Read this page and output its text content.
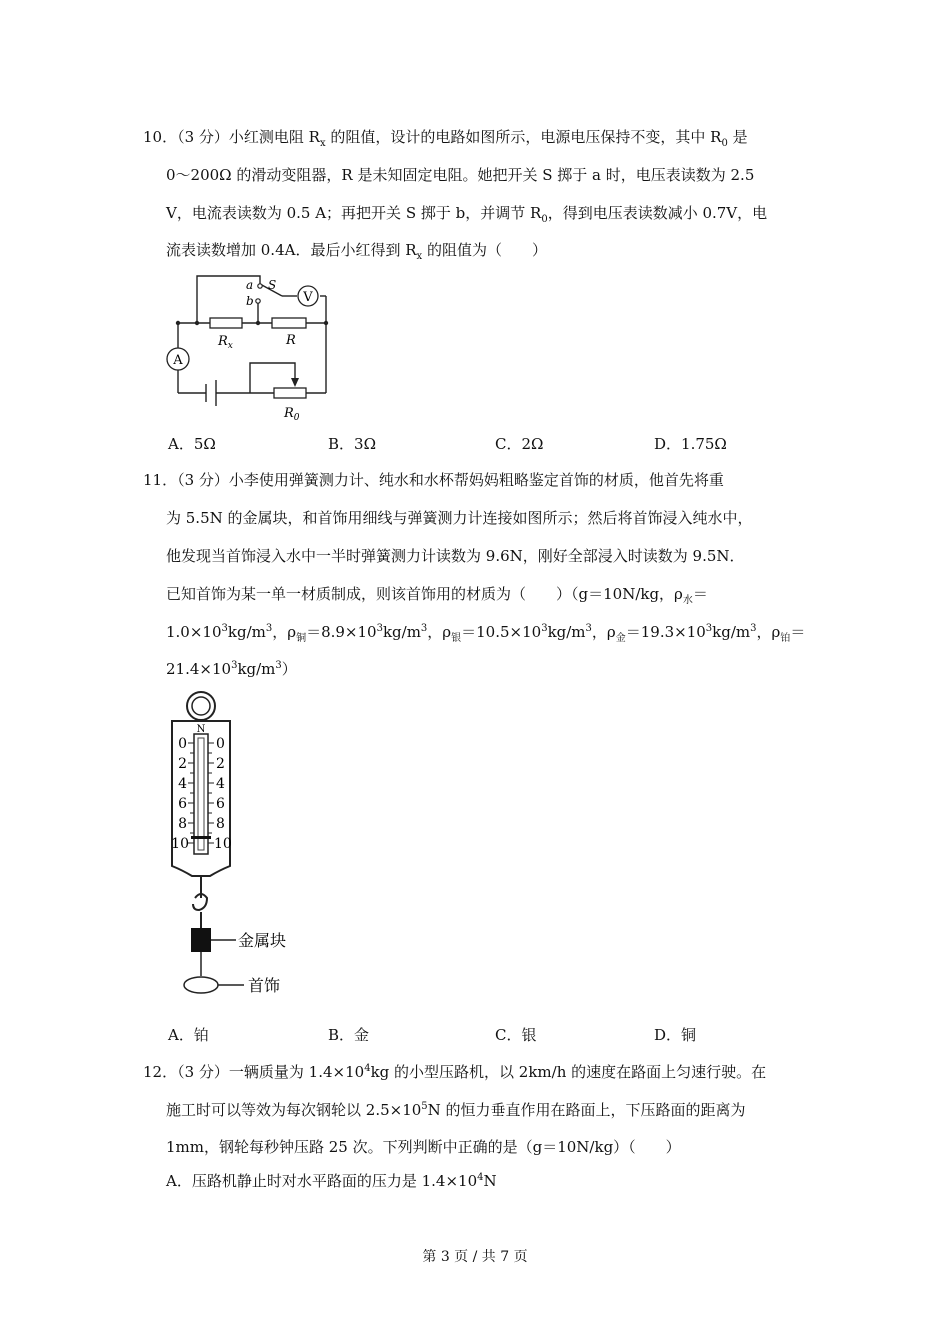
10．（3 分）小红测电阻 $R_x$ 的阻值，设计的电路如图所示，电源电压保持不变，其中 $R_0$ 是
0～200Ω 的滑动变阻器，R 是未知固定电阻。她把开关 S 掷于 a 时，电压表读数为 2.5
V，电流表读数为 0.5 A；再把开关 S 掷于 b，并调节 $R_0$，得到电压表读数减小 0.7V，电
流表读数增加 0.4A．最后小红得到 $R_x$ 的阻值为（　　）
V
A
a S
b
$R_x$	R
$R_0$
A．5Ω	B．3Ω	C．2Ω	D．1.75Ω
11．（3 分）小李使用弹簧测力计、纯水和水杯帮妈妈粗略鉴定首饰的材质，他首先将重
为 5.5N 的金属块，和首饰用细线与弹簧测力计连接如图所示；然后将首饰浸入纯水中，
他发现当首饰浸入水中一半时弹簧测力计读数为 9.6N，刚好全部浸入时读数为 9.5N．
已知首饰为某一单一材质制成，则该首饰用的材质为（　　）（g＝10N/kg，$\rho_水=$
$1.0\times 10^3kg/m^3$，$\rho_铜=8.9\times 10^3kg/m^3$，$\rho_银=10.5\times 10^3kg/m^3$，$\rho_金=19.3\times 10^3kg/m^3$，$\rho_铂=$
$21.4\times 10^3kg/m^3$）
N
0
2
4
6
8
10
0
2
4
6
8
10
金属块
首饰
A．铂	B．金	C．银	D．铜
12．（3 分）一辆质量为 $1.4\times 10^4kg$ 的小型压路机，以 2km/h 的速度在路面上匀速行驶。在
施工时可以等效为每次钢轮以 $2.5\times 10^5N$ 的恒力垂直作用在路面上，下压路面的距离为
1mm，钢轮每秒钟压路 25 次。下列判断中正确的是（g＝10N/kg）（　　）
A．压路机静止时对水平路面的压力是 $1.4\times 10^4N$
第 3 页 / 共 7 页
